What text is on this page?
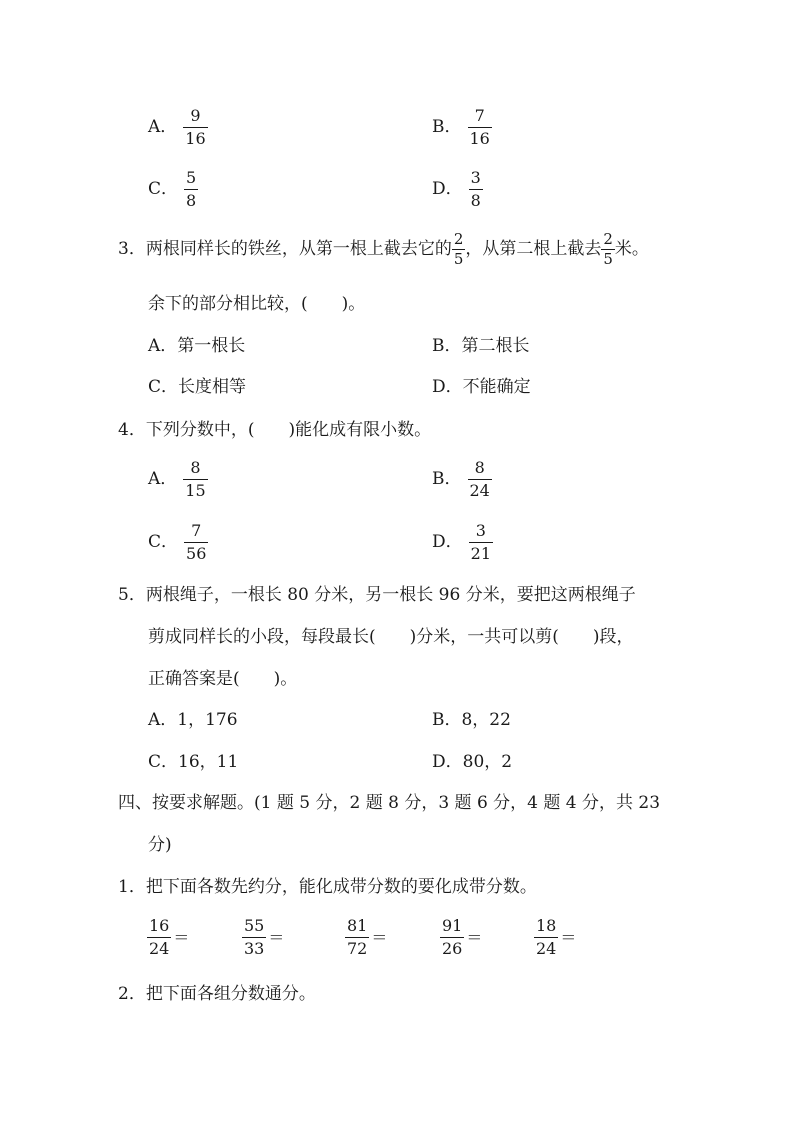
A． $\frac{9}{16}$	B． $\frac{7}{16}$
C． $\frac{5}{8}$	D． $\frac{3}{8}$
3．两根同样长的铁丝，从第一根上截去它的 $\frac{2}{5}$ ，从第二根上截去 $\frac{2}{5}$ 米。
余下的部分相比较，(　　)。
A．第一根长	B．第二根长
C．长度相等	D．不能确定
4．下列分数中，(　　)能化成有限小数。
A． $\frac{8}{15}$	B． $\frac{8}{24}$
C． $\frac{7}{56}$	D． $\frac{3}{21}$
5．两根绳子，一根长 80 分米，另一根长 96 分米，要把这两根绳子
剪成同样长的小段，每段最长(　　)分米，一共可以剪(　　)段，
正确答案是(　　)。
A．1，176	B．8，22
C．16，11	D．80，2
四、按要求解题。(1 题 5 分，2 题 8 分，3 题 6 分，4 题 4 分，共 23
分)
1．把下面各数先约分，能化成带分数的要化成带分数。
$\frac{16}{24}$ ＝	$\frac{55}{33}$ ＝	$\frac{81}{72}$ ＝	$\frac{91}{26}$ ＝	$\frac{18}{24}$ ＝
2．把下面各组分数通分。
